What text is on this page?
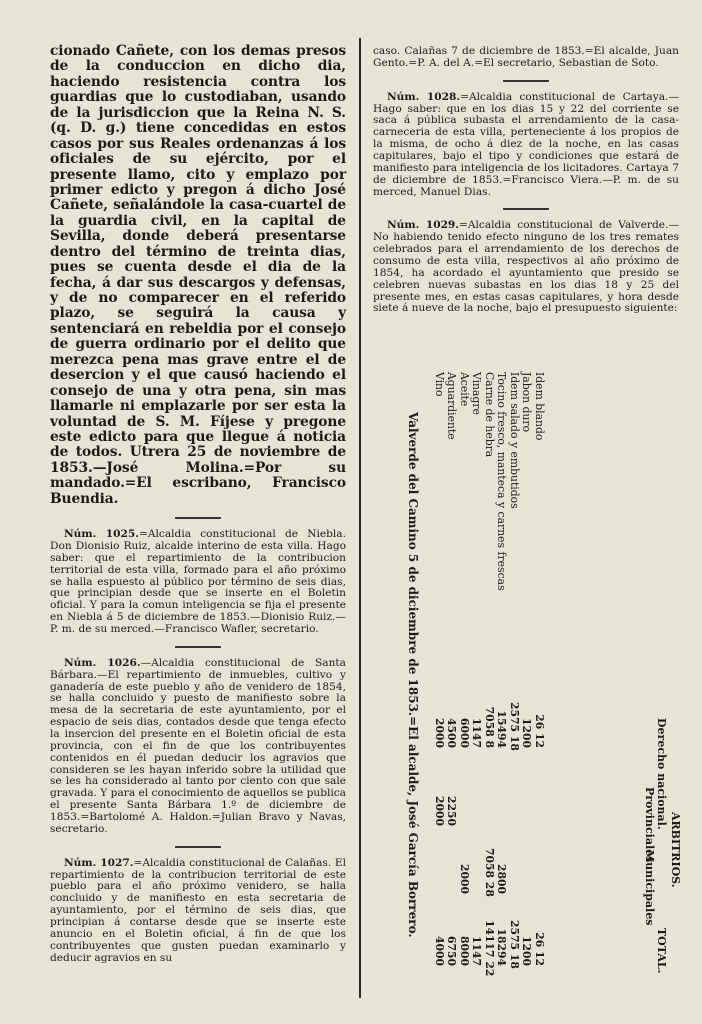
cionado Cañete, con los demas presos de la conduccion en dicho dia, haciendo resistencia contra los guardias que lo custodiaban, usando de la jurisdiccion que la Reina N. S. (q. D. g.) tiene concedidas en estos casos por sus Reales ordenanzas á los oficiales de su ejército, por el presente llamo, cito y emplazo por primer edicto y pregon á dicho José Cañete, señalándole la casa-cuartel de la guardia civil, en la capital de Sevilla, donde deberá presentarse dentro del término de treinta dias, pues se cuenta desde el dia de la fecha, á dar sus descargos y defensas, y de no comparecer en el referido plazo, se seguirá la causa y sentenciará en rebeldia por el consejo de guerra ordinario por el delito que merezca pena mas grave entre el de desercion y el que causó haciendo el consejo de una y otra pena, sin mas llamarle ni emplazarle por ser esta la voluntad de S. M. Fíjese y pregone este edicto para que llegue á noticia de todos. Utrera 25 de noviembre de 1853.—José Molina.=Por su mandado.=El escribano, Francisco Buendia.

Núm. 1025.=Alcaldia constitucional de Niebla. Don Dionisio Ruiz, alcalde interino de esta villa. Hago saber: que el repartimiento de la contribucion territorial de esta villa, formado para el año próximo se halla espuesto al público por término de seis dias, que principian desde que se inserte en el Boletin oficial. Y para la comun inteligencia se fija el presente en Niebla á 5 de diciembre de 1853.—Dionisio Ruiz.—P. m. de su merced.—Francisco Wafler, secretario.

Núm. 1026.—Alcaldia constitucional de Santa Bárbara.—El repartimiento de inmuebles, cultivo y ganadería de este pueblo y año de venidero de 1854, se halla concluido y puesto de manifiesto sobre la mesa de la secretaria de este ayuntamiento, por el espacio de seis dias, contados desde que tenga efecto la insercion del presente en el Boletin oficial de esta provincia, con el fin de que los contribuyentes contenidos en él puedan deducir los agravios que consideren se les hayan inferido sobre la utilidad que se les ha considerado al tanto por ciento con que sale gravada. Y para el conocimiento de aquellos se publica el presente Santa Bárbara 1.º de diciembre de 1853.=Bartolomé A. Haldon.=Julian Bravo y Navas, secretario.

Núm. 1027.=Alcaldia constitucional de Calañas. El repartimiento de la contribucion territorial de este pueblo para el año próximo venidero, se halla concluido y de manifiesto en esta secretaria de ayuntamiento, por el término de seis dias, que principian á contarse desde que se inserte este anuncio en el Boletin oficial, á fin de que los contribuyentes que gusten puedan examinarlo y deducir agravios en su

caso. Calañas 7 de diciembre de 1853.=El alcalde, Juan Gento.=P. A. del A.=El secretario, Sebastian de Soto.

Núm. 1028.=Alcaldia constitucional de Cartaya.—Hago saber: que en los dias 15 y 22 del corriente se saca á pública subasta el arrendamiento de la casa-carneceria de esta villa, perteneciente á los propios de la misma, de ocho á diez de la noche, en las casas capitulares, bajo el tipo y condiciones que estará de manifiesto para inteligencia de los licitadores. Cartaya 7 de diciembre de 1853.=Francisco Viera.—P. m. de su merced, Manuel Dias.

Núm. 1029.=Alcaldia constitucional de Valverde.—No habiendo tenido efecto ninguno de los tres remates celebrados para el arrendamiento de los derechos de consumo de esta villa, respectivos al año próximo de 1854, ha acordado el ayuntamiento que presido se celebren nuevas subastas en los dias 18 y 25 del presente mes, en estas casas capitulares, y hora desde siete á nueve de la noche, bajo el presupuesto siguiente:

Derecho nacional.
Provinciales
Municipales
ARBITRIOS.
TOTAL.
Valverde del Camino 5 de diciembre de 1853.=El alcalde, José García Borrero.
Vino
2000
2000
4000
Aguardiente
4500
2250
6750
Aceite
6000
2000
8000
Vinagre
1147
1147
Carne de hebra
7058 8
7058 28
14117 22
Tocino fresco, manteca y carnes frescas
15494
2800
18294
Idem salado y embutidos
2575 18
2575 18
Jabon duro
1200
1200
Idem blando
26 12
26 12
